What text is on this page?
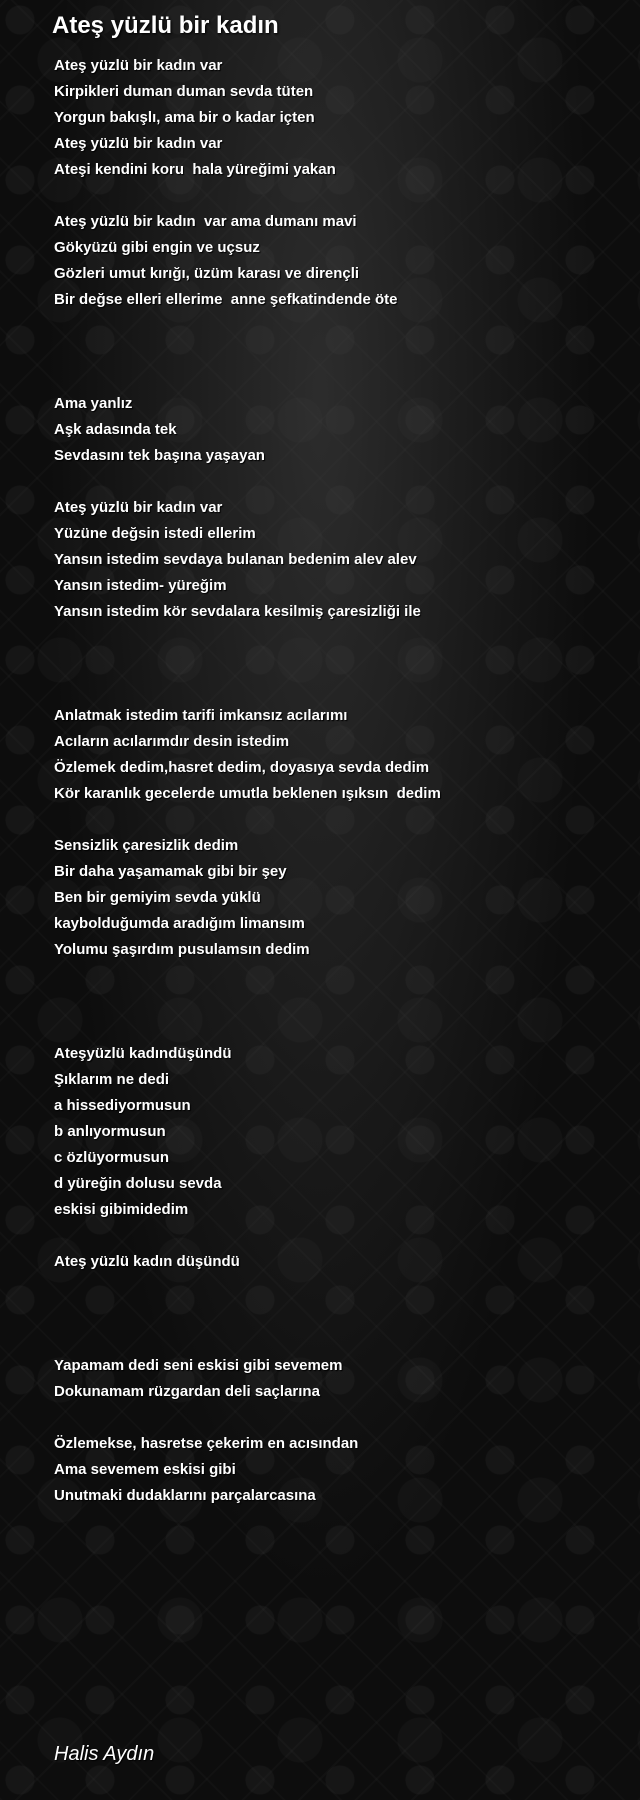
Ateş yüzlü bir kadın
Ateş yüzlü bir kadın var
Kirpikleri duman duman sevda tüten
Yorgun bakışlı, ama bir o kadar içten
Ateş yüzlü bir kadın var
Ateşi kendini koru  hala yüreğimi yakan
Ateş yüzlü bir kadın  var ama dumanı mavi
Gökyüzü gibi engin ve uçsuz
Gözleri umut kırığı, üzüm karası ve dirençli
Bir değse elleri ellerime  anne şefkatindende öte
Ama yanlız
Aşk adasında tek
Sevdasını tek başına yaşayan
Ateş yüzlü bir kadın var
Yüzüne değsin istedi ellerim
Yansın istedim sevdaya bulanan bedenim alev alev
Yansın istedim- yüreğim
Yansın istedim kör sevdalara kesilmiş çaresizliği ile
Anlatmak istedim tarifi imkansız acılarımı
Acıların acılarımdır desin istedim
Özlemek dedim,hasret dedim, doyasıya sevda dedim
Kör karanlık gecelerde umutla beklenen ışıksın  dedim
Sensizlik çaresizlik dedim
Bir daha yaşamamak gibi bir şey
Ben bir gemiyim sevda yüklü
kaybolduğumda aradığım limansım
Yolumu şaşırdım pusulamsın dedim
Ateşyüzlü kadındüşündü
Şıklarım ne dedi
a hissediyormusun
b anlıyormusun
c özlüyormusun
d yüreğin dolusu sevda
eskisi gibimidedim
Ateş yüzlü kadın düşündü
Yapamam dedi seni eskisi gibi sevemem
Dokunamam rüzgardan deli saçlarına
Özlemekse, hasretse çekerim en acısından
Ama sevemem eskisi gibi
Unutmaki dudaklarını parçalarcasına
Halis Aydın
